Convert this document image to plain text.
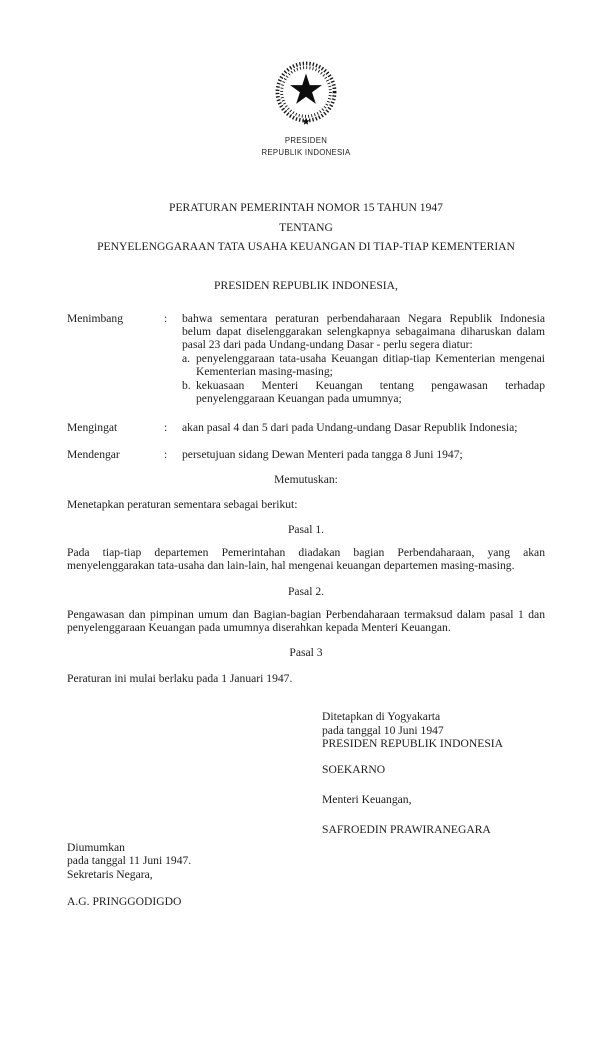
PRESIDEN
REPUBLIK INDONESIA
PERATURAN PEMERINTAH NOMOR 15 TAHUN 1947
TENTANG
PENYELENGGARAAN TATA USAHA KEUANGAN DI TIAP-TIAP KEMENTERIAN
PRESIDEN REPUBLIK INDONESIA,
Menimbang	:	bahwa sementara peraturan perbendaharaan Negara Republik Indonesia belum dapat diselenggarakan selengkapnya sebagaimana diharuskan dalam pasal 23 dari pada Undang-undang Dasar - perlu segera diatur:
a. penyelenggaraan tata-usaha Keuangan ditiap-tiap Kementerian mengenai Kementerian masing-masing;
b. kekuasaan Menteri Keuangan tentang pengawasan terhadap penyelenggaraan Keuangan pada umumnya;
Mengingat	:	akan pasal 4 dan 5 dari pada Undang-undang Dasar Republik Indonesia;
Mendengar	:	persetujuan sidang Dewan Menteri pada tangga 8 Juni 1947;
Memutuskan:
Menetapkan peraturan sementara sebagai berikut:
Pasal 1.
Pada tiap-tiap departemen Pemerintahan diadakan bagian Perbendaharaan, yang akan menyelenggarakan tata-usaha dan lain-lain, hal mengenai keuangan departemen masing-masing.
Pasal 2.
Pengawasan dan pimpinan umum dan Bagian-bagian Perbendaharaan termaksud dalam pasal 1 dan penyelenggaraan Keuangan pada umumnya diserahkan kepada Menteri Keuangan.
Pasal 3
Peraturan ini mulai berlaku pada 1 Januari 1947.
Ditetapkan di Yogyakarta
pada tanggal 10 Juni 1947
PRESIDEN REPUBLIK INDONESIA
SOEKARNO
Menteri Keuangan,
SAFROEDIN PRAWIRANEGARA
Diumumkan
pada tanggal 11 Juni 1947.
Sekretaris Negara,
A.G. PRINGGODIGDO
